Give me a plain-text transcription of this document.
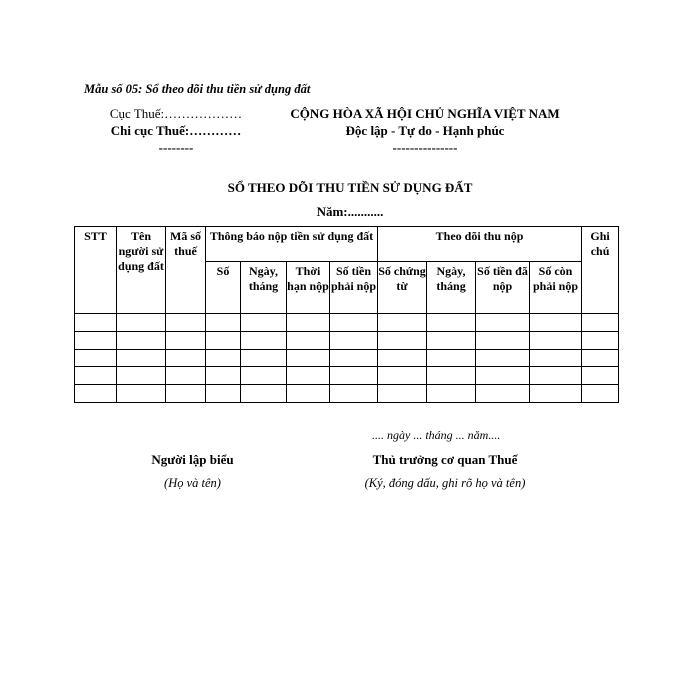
Mẫu số 05: Sổ theo dõi thu tiền sử dụng đất
Cục Thuế:………………
Chi cục Thuế:…………
--------
CỘNG HÒA XÃ HỘI CHỦ NGHĨA VIỆT NAM
Độc lập - Tự do - Hạnh phúc
---------------
SỔ THEO DÕI THU TIỀN SỬ DỤNG ĐẤT
Năm:...........
STT	Tên người sử dụng đất	Mã số thuế	Thông báo nộp tiền sử dụng đất				Theo dõi thu nộp				Ghi chú
			Số	Ngày, tháng	Thời hạn nộp	Số tiền phải nộp	Số chứng từ	Ngày, tháng	Số tiền đã nộp	Số còn phải nộp	

.... ngày ... tháng ... năm....
Người lập biểu
(Họ và tên)
Thủ trưởng cơ quan Thuế
(Ký, đóng dấu, ghi rõ họ và tên)
